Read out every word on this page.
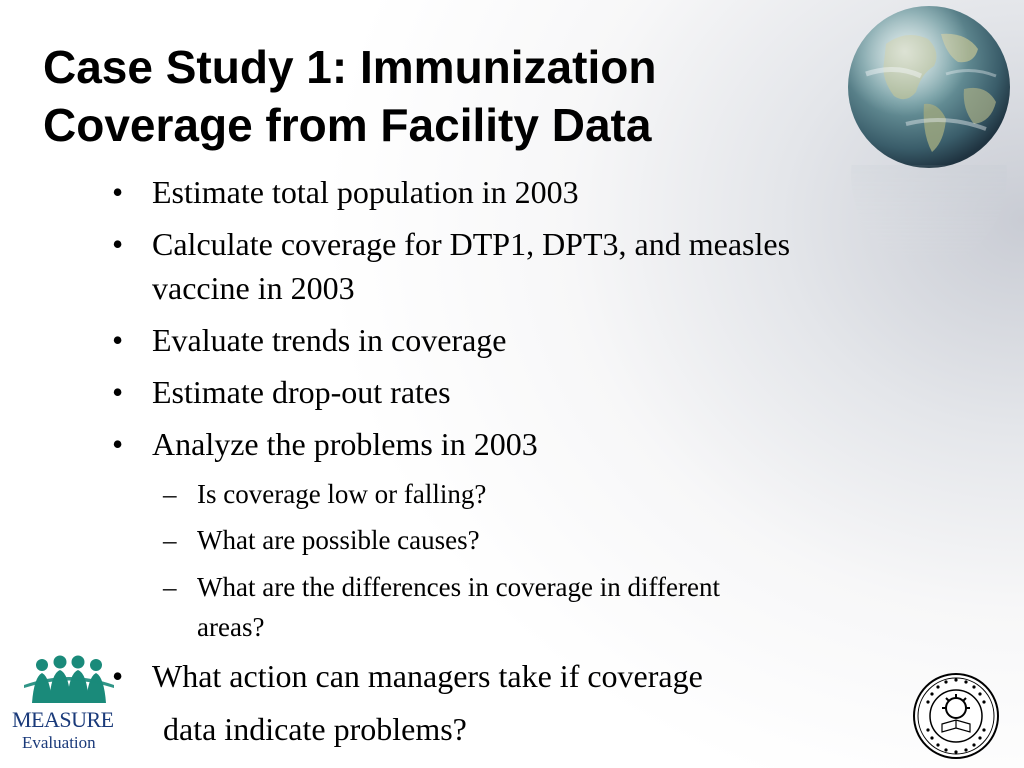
Case Study 1: Immunization
Coverage from Facility Data
• Estimate total population in 2003
• Calculate coverage for DTP1, DPT3, and measles
vaccine in 2003
• Evaluate trends in coverage
• Estimate drop-out rates
• Analyze the problems in 2003
– Is coverage low or falling?
– What are possible causes?
– What are the differences in coverage in different
areas?
• What action can managers take if coverage
data indicate problems?
MEASURE
Evaluation
